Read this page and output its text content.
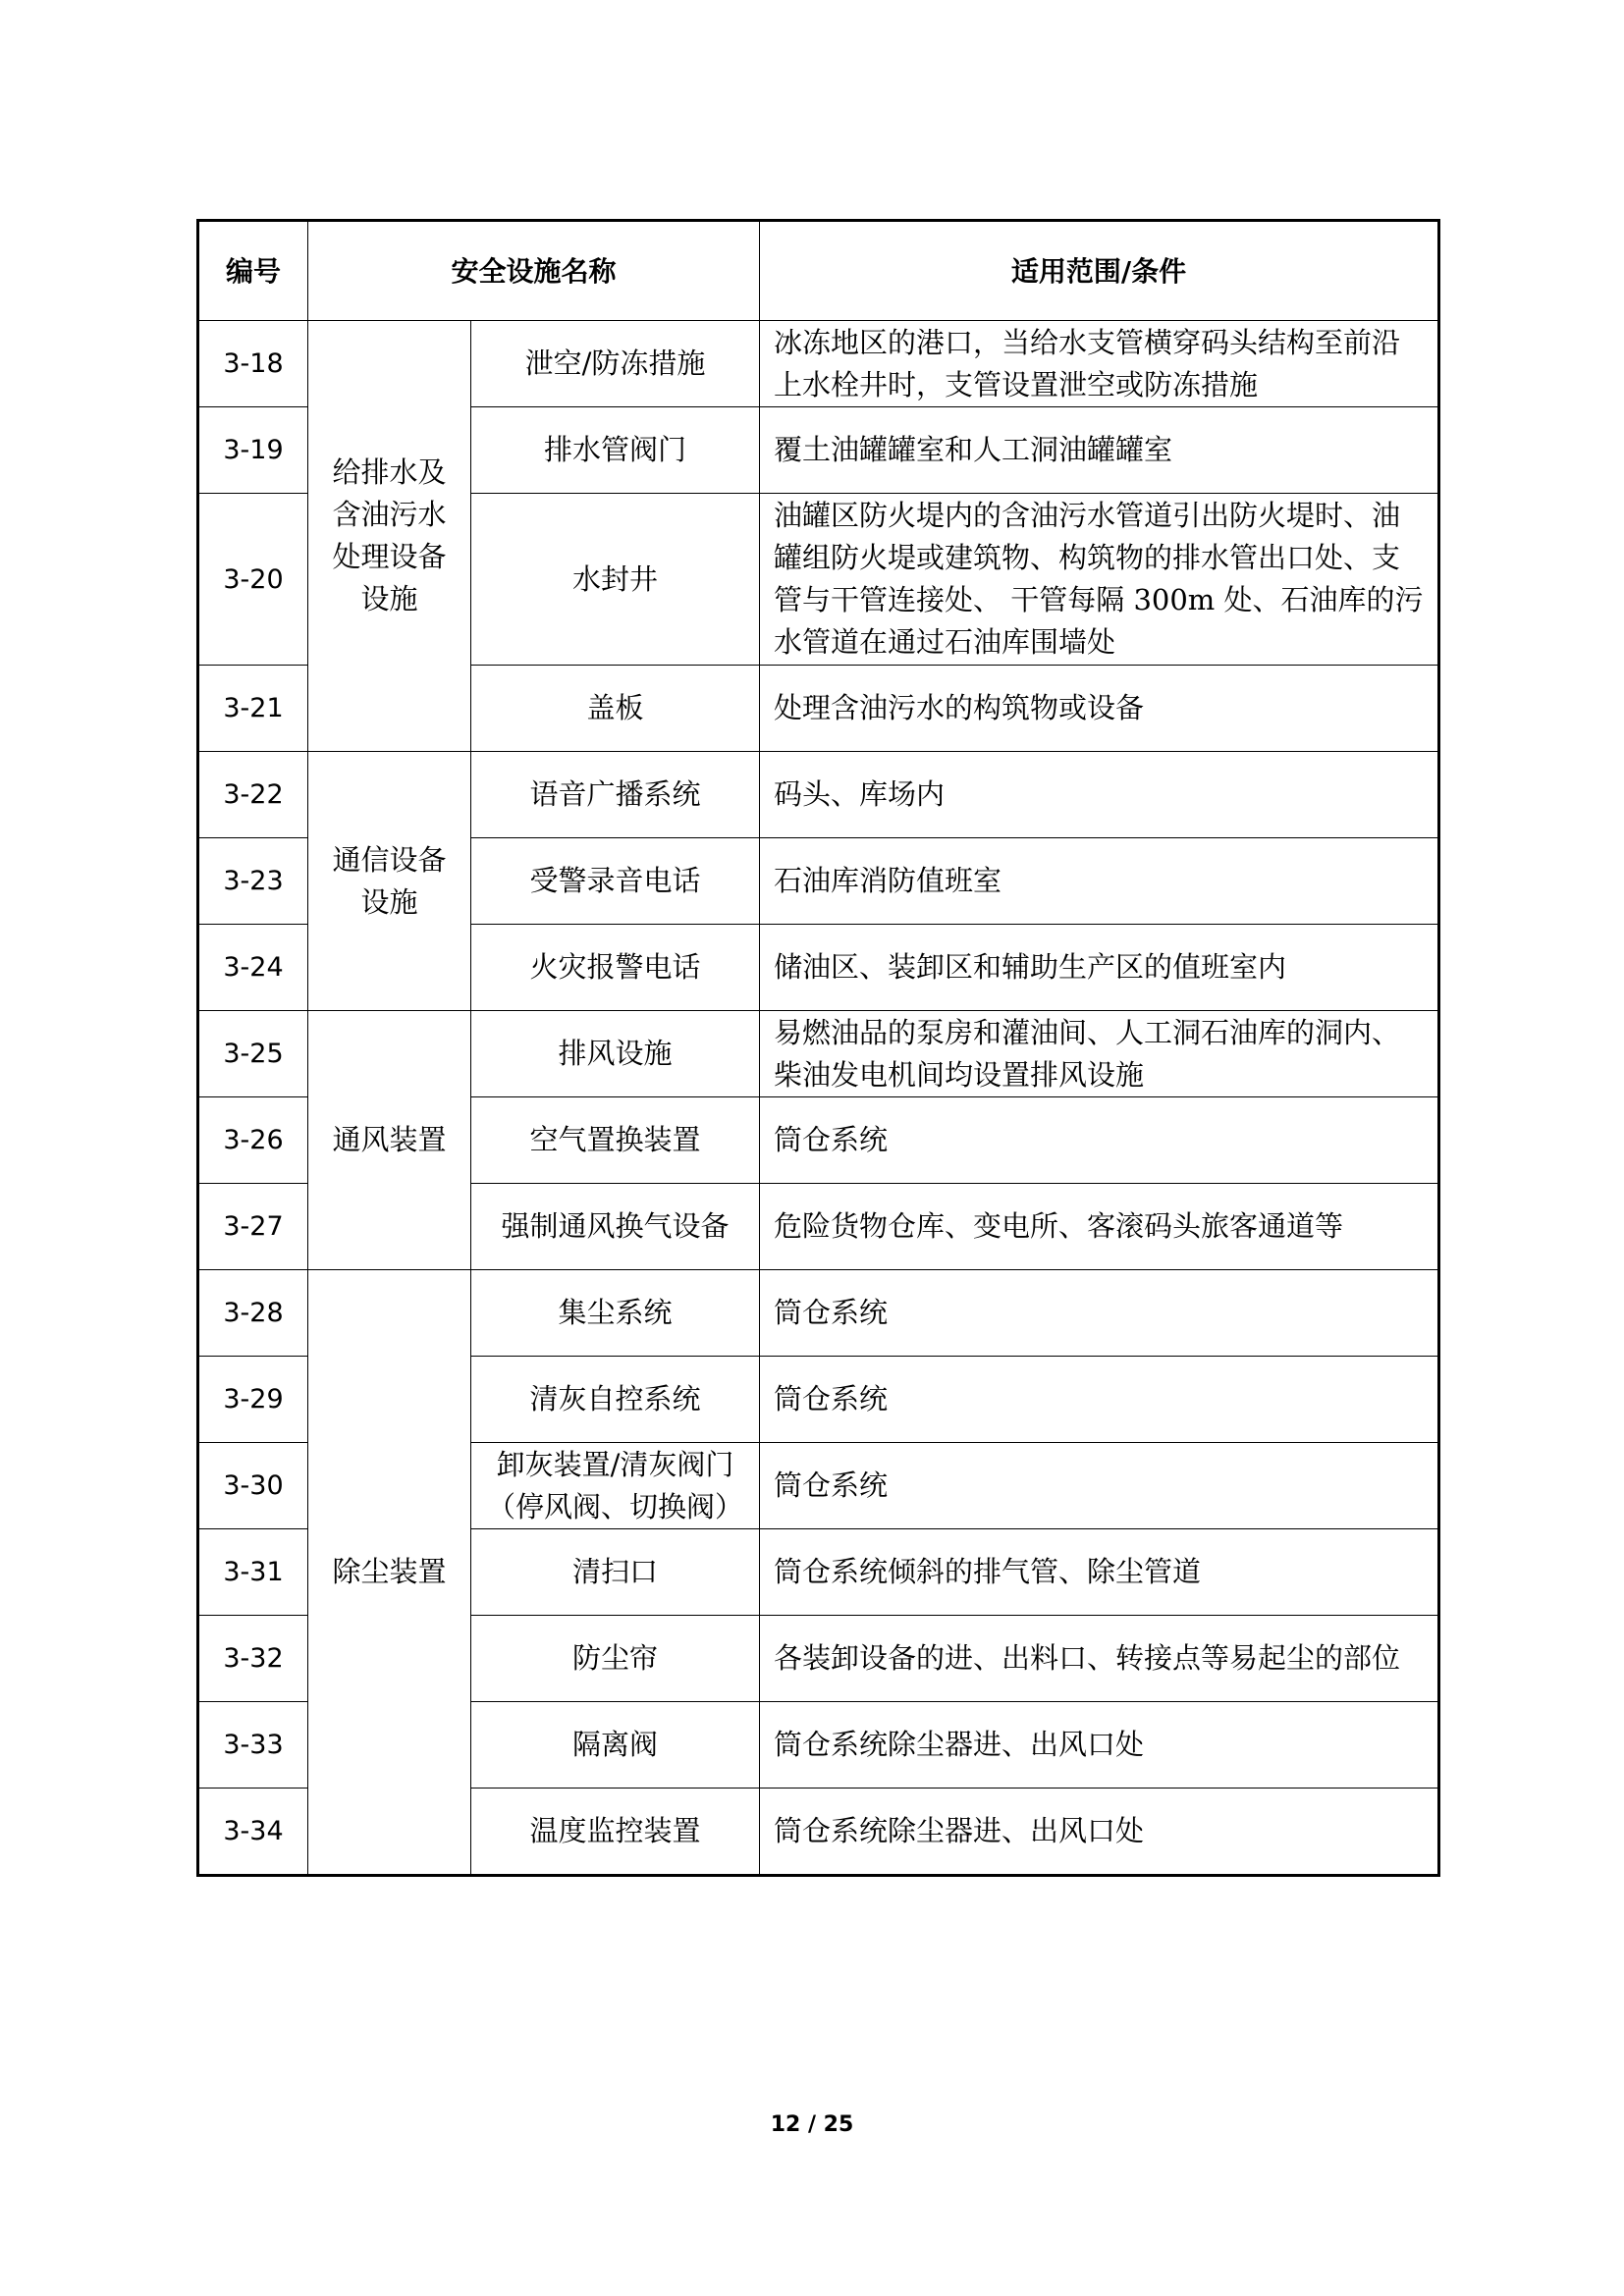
编号	安全设施名称		适用范围/条件
3-18	给排水及含油污水处理设备设施	泄空/防冻措施	冰冻地区的港口，当给水支管横穿码头结构至前沿上水栓井时，支管设置泄空或防冻措施
3-19		排水管阀门	覆土油罐罐室和人工洞油罐罐室
3-20		水封井	油罐区防火堤内的含油污水管道引出防火堤时、油罐组防火堤或建筑物、构筑物的排水管出口处、支管与干管连接处、 干管每隔 300m 处、石油库的污水管道在通过石油库围墙处
3-21		盖板	处理含油污水的构筑物或设备
3-22	通信设备设施	语音广播系统	码头、库场内
3-23		受警录音电话	石油库消防值班室
3-24		火灾报警电话	储油区、装卸区和辅助生产区的值班室内
3-25	通风装置	排风设施	易燃油品的泵房和灌油间、人工洞石油库的洞内、柴油发电机间均设置排风设施
3-26		空气置换装置	筒仓系统
3-27		强制通风换气设备	危险货物仓库、变电所、客滚码头旅客通道等
3-28	除尘装置	集尘系统	筒仓系统
3-29		清灰自控系统	筒仓系统
3-30		卸灰装置/清灰阀门（停风阀、切换阀）	筒仓系统
3-31		清扫口	筒仓系统倾斜的排气管、除尘管道
3-32		防尘帘	各装卸设备的进、出料口、转接点等易起尘的部位
3-33		隔离阀	筒仓系统除尘器进、出风口处
3-34		温度监控装置	筒仓系统除尘器进、出风口处
12 / 25
